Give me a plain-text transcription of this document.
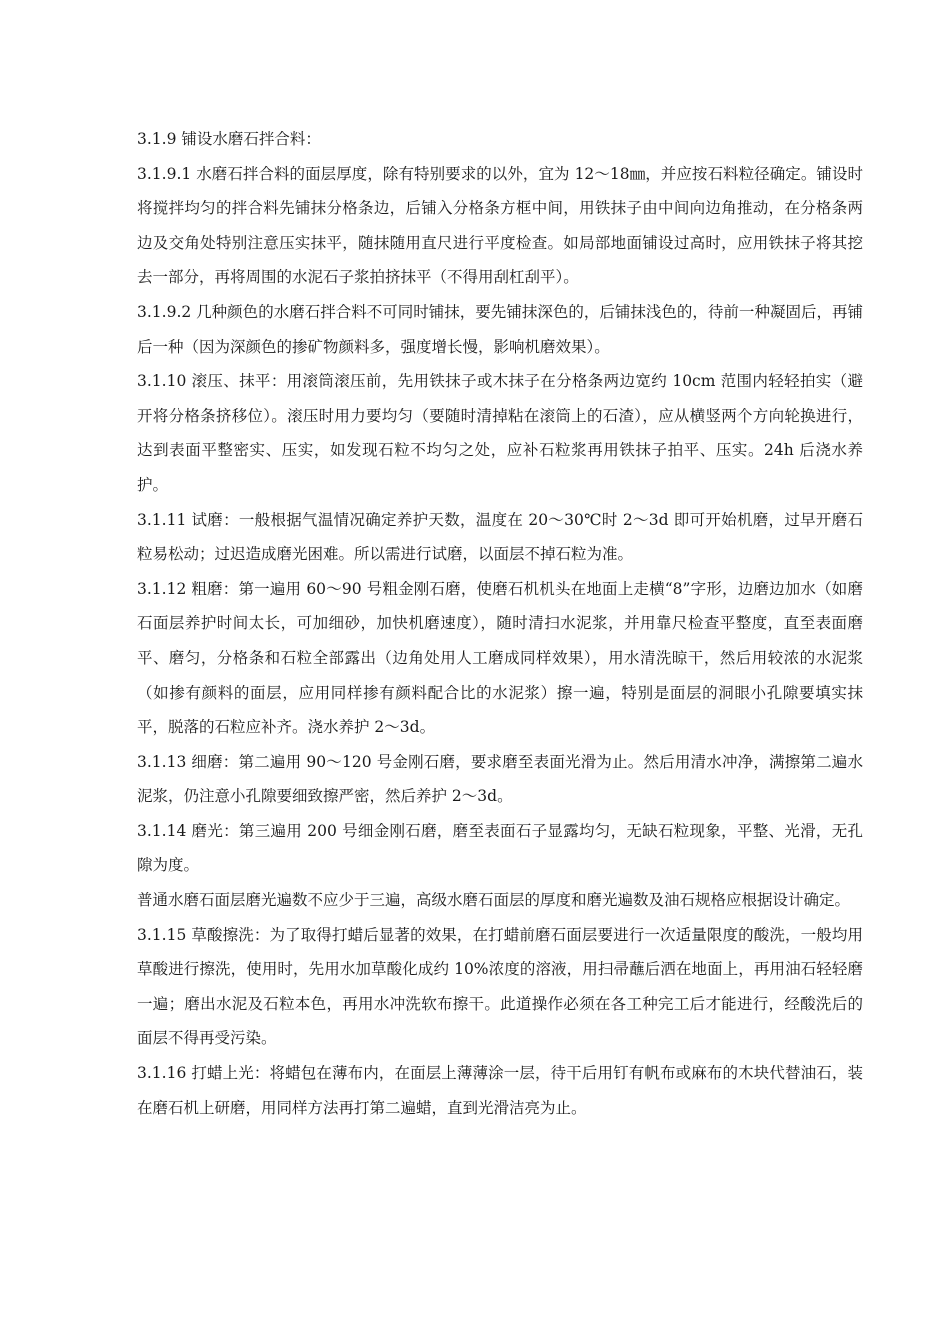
3.1.9 铺设水磨石拌合料：

3.1.9.1 水磨石拌合料的面层厚度，除有特别要求的以外，宜为 12～18㎜，并应按石料粒径确定。铺设时将搅拌均匀的拌合料先铺抹分格条边，后铺入分格条方框中间，用铁抹子由中间向边角推动，在分格条两边及交角处特别注意压实抹平，随抹随用直尺进行平度检查。如局部地面铺设过高时，应用铁抹子将其挖去一部分，再将周围的水泥石子浆拍挤抹平（不得用刮杠刮平）。

3.1.9.2 几种颜色的水磨石拌合料不可同时铺抹，要先铺抹深色的，后铺抹浅色的，待前一种凝固后，再铺后一种（因为深颜色的掺矿物颜料多，强度增长慢，影响机磨效果）。

3.1.10 滚压、抹平：用滚筒滚压前，先用铁抹子或木抹子在分格条两边宽约 10cm 范围内轻轻拍实（避开将分格条挤移位）。滚压时用力要均匀（要随时清掉粘在滚筒上的石渣），应从横竖两个方向轮换进行，达到表面平整密实、压实，如发现石粒不均匀之处，应补石粒浆再用铁抹子拍平、压实。24h 后浇水养护。

3.1.11 试磨：一般根据气温情况确定养护天数，温度在 20～30℃时 2～3d 即可开始机磨，过早开磨石粒易松动；过迟造成磨光困难。所以需进行试磨，以面层不掉石粒为准。

3.1.12 粗磨：第一遍用 60～90 号粗金刚石磨，使磨石机机头在地面上走横“8”字形，边磨边加水（如磨石面层养护时间太长，可加细砂，加快机磨速度），随时清扫水泥浆，并用靠尺检查平整度，直至表面磨平、磨匀，分格条和石粒全部露出（边角处用人工磨成同样效果），用水清洗晾干，然后用较浓的水泥浆（如掺有颜料的面层，应用同样掺有颜料配合比的水泥浆）擦一遍，特别是面层的洞眼小孔隙要填实抹平，脱落的石粒应补齐。浇水养护 2～3d。

3.1.13 细磨：第二遍用 90～120 号金刚石磨，要求磨至表面光滑为止。然后用清水冲净，满擦第二遍水泥浆，仍注意小孔隙要细致擦严密，然后养护 2～3d。

3.1.14 磨光：第三遍用 200 号细金刚石磨，磨至表面石子显露均匀，无缺石粒现象，平整、光滑，无孔隙为度。

普通水磨石面层磨光遍数不应少于三遍，高级水磨石面层的厚度和磨光遍数及油石规格应根据设计确定。

3.1.15 草酸擦洗：为了取得打蜡后显著的效果，在打蜡前磨石面层要进行一次适量限度的酸洗，一般均用草酸进行擦洗，使用时，先用水加草酸化成约 10%浓度的溶液，用扫帚蘸后洒在地面上，再用油石轻轻磨一遍；磨出水泥及石粒本色，再用水冲洗软布擦干。此道操作必须在各工种完工后才能进行，经酸洗后的面层不得再受污染。

3.1.16 打蜡上光：将蜡包在薄布内，在面层上薄薄涂一层，待干后用钉有帆布或麻布的木块代替油石，装在磨石机上研磨，用同样方法再打第二遍蜡，直到光滑洁亮为止。
